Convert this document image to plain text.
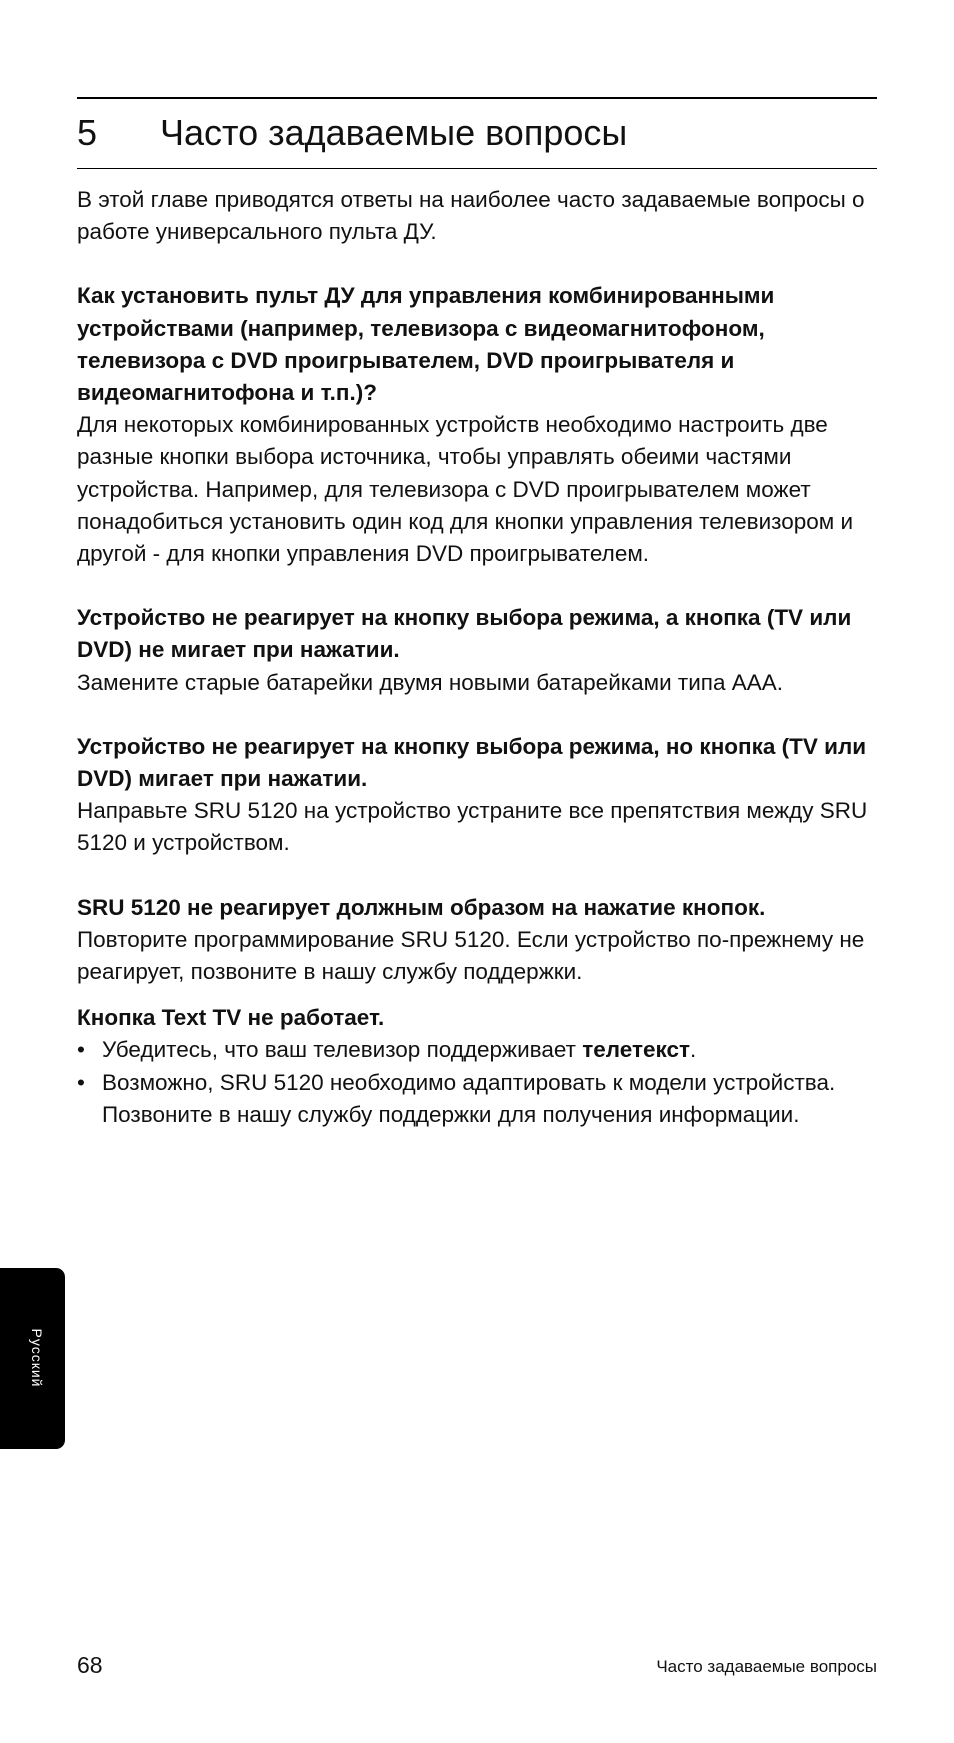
5 Часто задаваемые вопросы

В этой главе приводятся ответы на наиболее часто задаваемые вопросы о работе универсального пульта ДУ.

Как установить пульт ДУ для управления комбинированными устройствами (например, телевизора с видеомагнитофоном, телевизора с DVD проигрывателем, DVD проигрывателя и видеомагнитофона и т.п.)?

Для некоторых комбинированных устройств необходимо настроить две разные кнопки выбора источника, чтобы управлять обеими частями устройства. Например, для телевизора с DVD проигрывателем может понадобиться установить один код для кнопки управления телевизором и другой - для кнопки управления DVD проигрывателем.

Устройство не реагирует на кнопку выбора режима, а кнопка (TV или DVD) не мигает при нажатии.

Замените старые батарейки двумя новыми батарейками типа AAA.

Устройство не реагирует на кнопку выбора режима, но кнопка (TV или DVD) мигает при нажатии.

Направьте SRU 5120 на устройство устраните все препятствия между SRU 5120 и устройством.

SRU 5120 не реагирует должным образом на нажатие кнопок.

Повторите программирование SRU 5120. Если устройство по-прежнему не реагирует, позвоните в нашу службу поддержки.

Кнопка Text TV не работает.

• Убедитесь, что ваш телевизор поддерживает телетекст.
• Возможно, SRU 5120 необходимо адаптировать к модели устройства. Позвоните в нашу службу поддержки для получения информации.
Русский
68	Часто задаваемые вопросы
